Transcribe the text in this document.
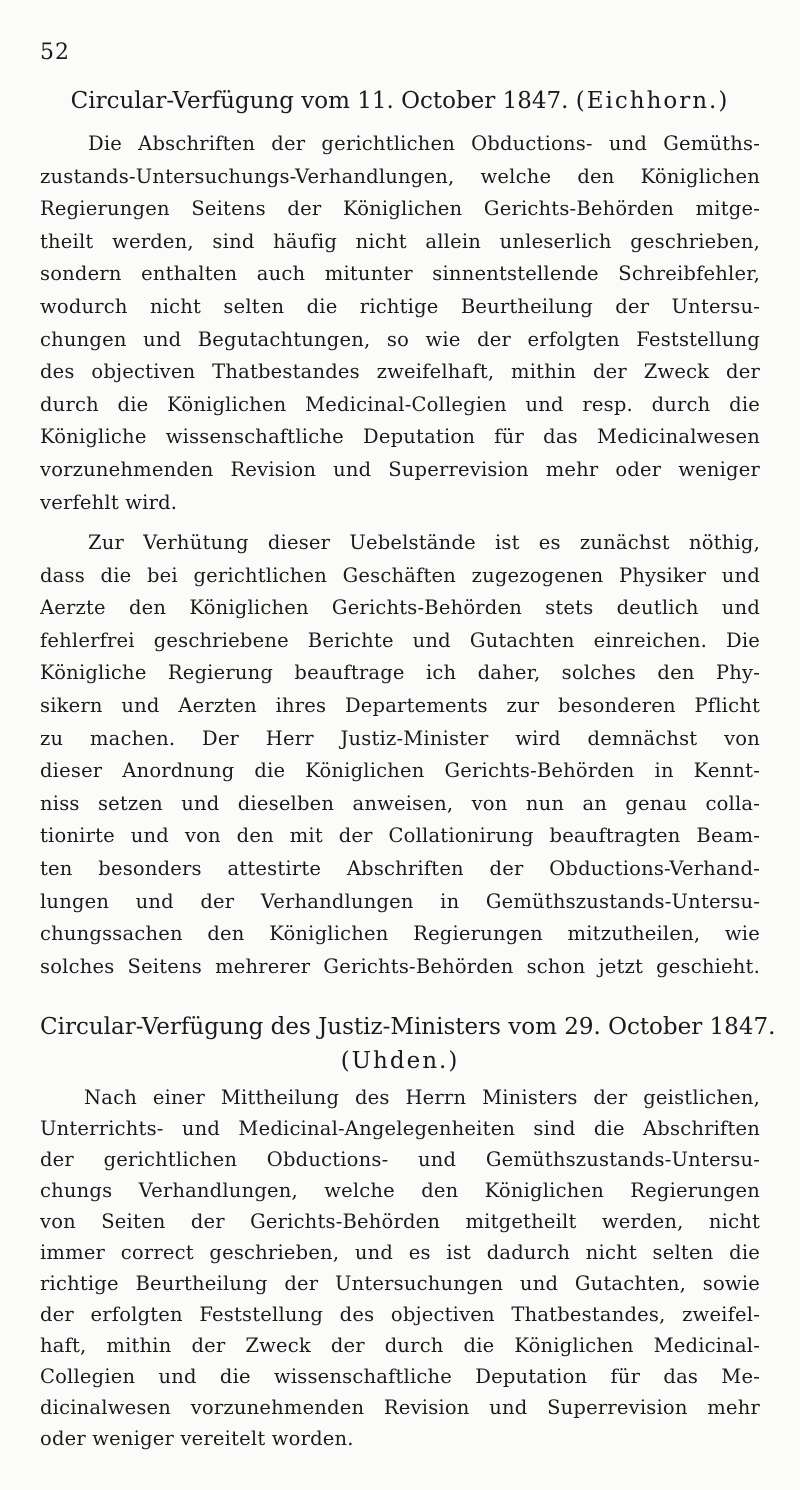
52
Circular-Verfügung vom 11. October 1847. (Eichhorn.)
Die Abschriften der gerichtlichen Obductions- und Gemüths-
zustands-Untersuchungs-Verhandlungen, welche den Königlichen
Regierungen Seitens der Königlichen Gerichts-Behörden mitge-
theilt werden, sind häufig nicht allein unleserlich geschrieben,
sondern enthalten auch mitunter sinnentstellende Schreibfehler,
wodurch nicht selten die richtige Beurtheilung der Untersu-
chungen und Begutachtungen, so wie der erfolgten Feststellung
des objectiven Thatbestandes zweifelhaft, mithin der Zweck der
durch die Königlichen Medicinal-Collegien und resp. durch die
Königliche wissenschaftliche Deputation für das Medicinalwesen
vorzunehmenden Revision und Superrevision mehr oder weniger
verfehlt wird.
Zur Verhütung dieser Uebelstände ist es zunächst nöthig,
dass die bei gerichtlichen Geschäften zugezogenen Physiker und
Aerzte den Königlichen Gerichts-Behörden stets deutlich und
fehlerfrei geschriebene Berichte und Gutachten einreichen. Die
Königliche Regierung beauftrage ich daher, solches den Phy-
sikern und Aerzten ihres Departements zur besonderen Pflicht
zu machen. Der Herr Justiz-Minister wird demnächst von
dieser Anordnung die Königlichen Gerichts-Behörden in Kennt-
niss setzen und dieselben anweisen, von nun an genau colla-
tionirte und von den mit der Collationirung beauftragten Beam-
ten besonders attestirte Abschriften der Obductions-Verhand-
lungen und der Verhandlungen in Gemüthszustands-Untersu-
chungssachen den Königlichen Regierungen mitzutheilen, wie
solches Seitens mehrerer Gerichts-Behörden schon jetzt geschieht.
Circular-Verfügung des Justiz-Ministers vom 29. October 1847.
(Uhden.)
Nach einer Mittheilung des Herrn Ministers der geistlichen,
Unterrichts- und Medicinal-Angelegenheiten sind die Abschriften
der gerichtlichen Obductions- und Gemüthszustands-Untersu-
chungs Verhandlungen, welche den Königlichen Regierungen
von Seiten der Gerichts-Behörden mitgetheilt werden, nicht
immer correct geschrieben, und es ist dadurch nicht selten die
richtige Beurtheilung der Untersuchungen und Gutachten, sowie
der erfolgten Feststellung des objectiven Thatbestandes, zweifel-
haft, mithin der Zweck der durch die Königlichen Medicinal-
Collegien und die wissenschaftliche Deputation für das Me-
dicinalwesen vorzunehmenden Revision und Superrevision mehr
oder weniger vereitelt worden.
